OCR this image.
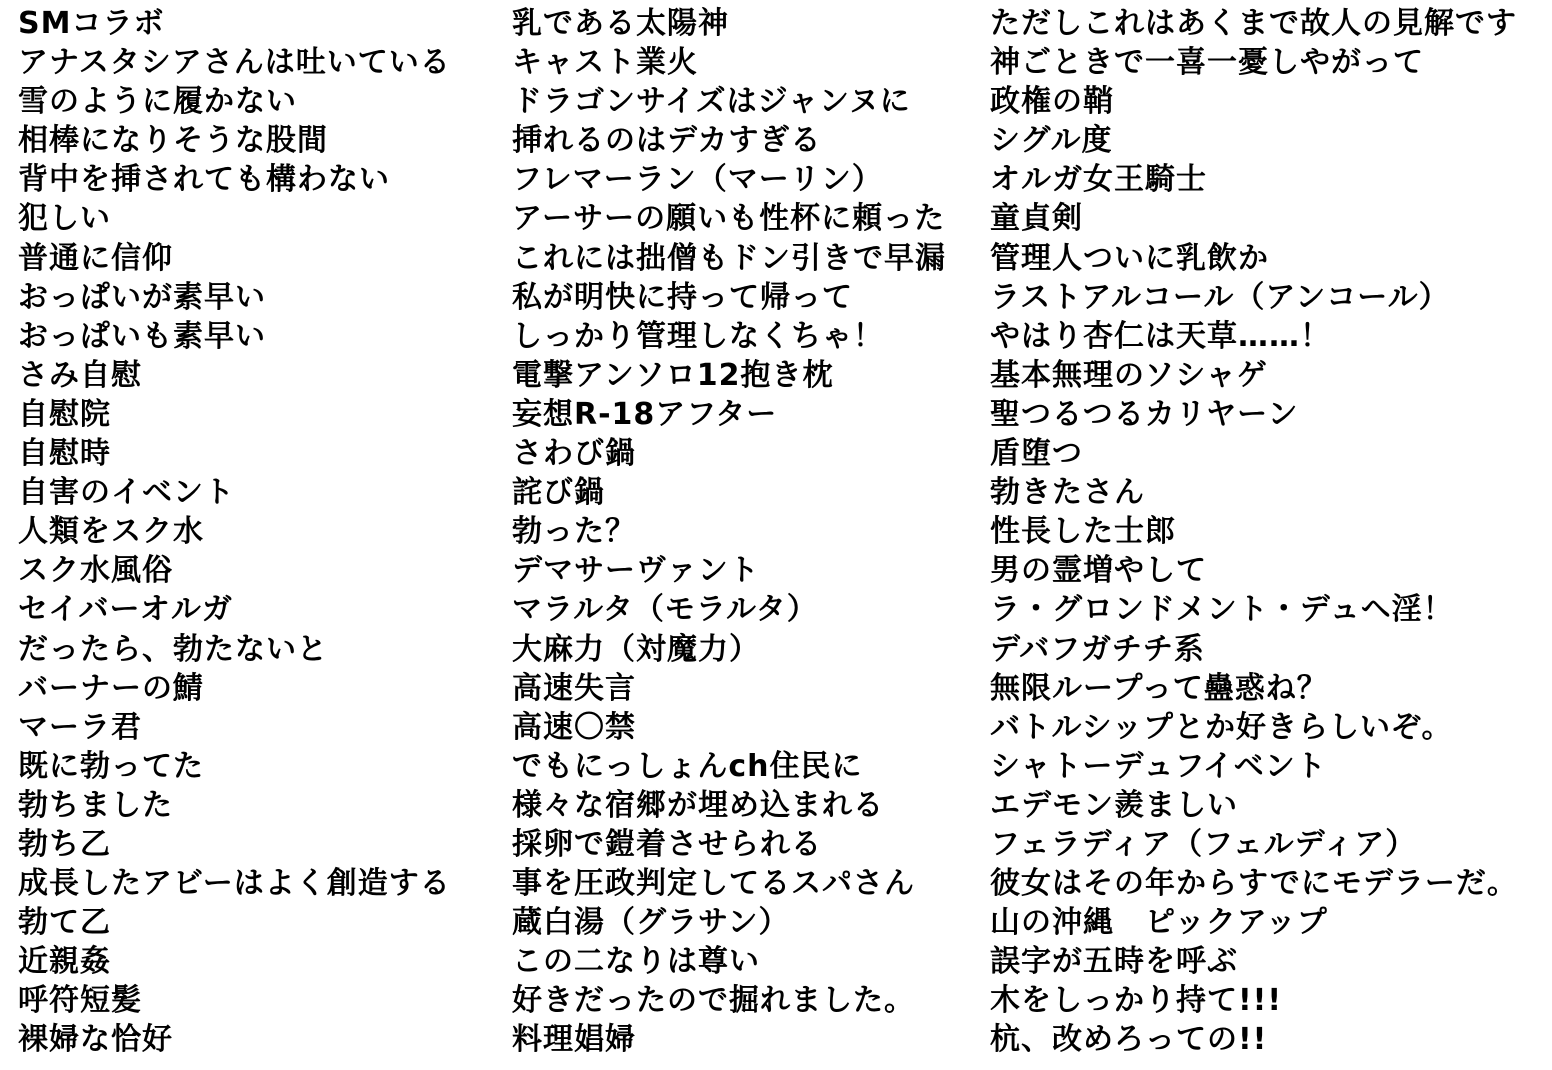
SMコラボ
アナスタシアさんは吐いている
雪のように履かない
相棒になりそうな股間
背中を挿されても構わない
犯しい
普通に信仰
おっぱいが素早い
おっぱいも素早い
さみ自慰
自慰院
自慰時
自害のイベント
人類をスク水
スク水風俗
セイバーオルガ
だったら、勃たないと
バーナーの鯖
マーラ君
既に勃ってた
勃ちました
勃ち乙
成長したアビーはよく創造する
勃て乙
近親姦
呼符短髪
裸婦な恰好
乳である太陽神
キャスト業火
ドラゴンサイズはジャンヌに
挿れるのはデカすぎる
フレマーラン（マーリン）
アーサーの願いも性杯に頼った
これには拙僧もドン引きで早漏
私が明快に持って帰って
しっかり管理しなくちゃ！
電撃アンソロ12抱き枕
妄想R-18アフター
さわび鍋
詫び鍋
勃った？
デマサーヴァント
マラルタ（モラルタ）
大麻力（対魔力）
高速失言
高速〇禁
でもにっしょんch住民に
様々な宿郷が埋め込まれる
採卵で鎧着させられる
事を圧政判定してるスパさん
蔵白湯（グラサン）
この二なりは尊い
好きだったので掘れました。
料理娼婦
ただしこれはあくまで故人の見解です
神ごときで一喜一憂しやがって
政権の鞘
シグル度
オルガ女王騎士
童貞剣
管理人ついに乳飲か
ラストアルコール（アンコール）
やはり杏仁は天草……！
基本無理のソシャゲ
聖つるつるカリヤーン
盾堕つ
勃きたさん
性長した士郎
男の霊増やして
ラ・グロンドメント・デュヘ淫！
デバフガチチ系
無限ループって蠱惑ね？
バトルシップとか好きらしいぞ。
シャトーデュフイベント
エデモン羨ましい
フェラディア（フェルディア）
彼女はその年からすでにモデラーだ。
山の沖縄　ピックアップ
誤字が五時を呼ぶ
木をしっかり持て!!!
杭、改めろっての!!
